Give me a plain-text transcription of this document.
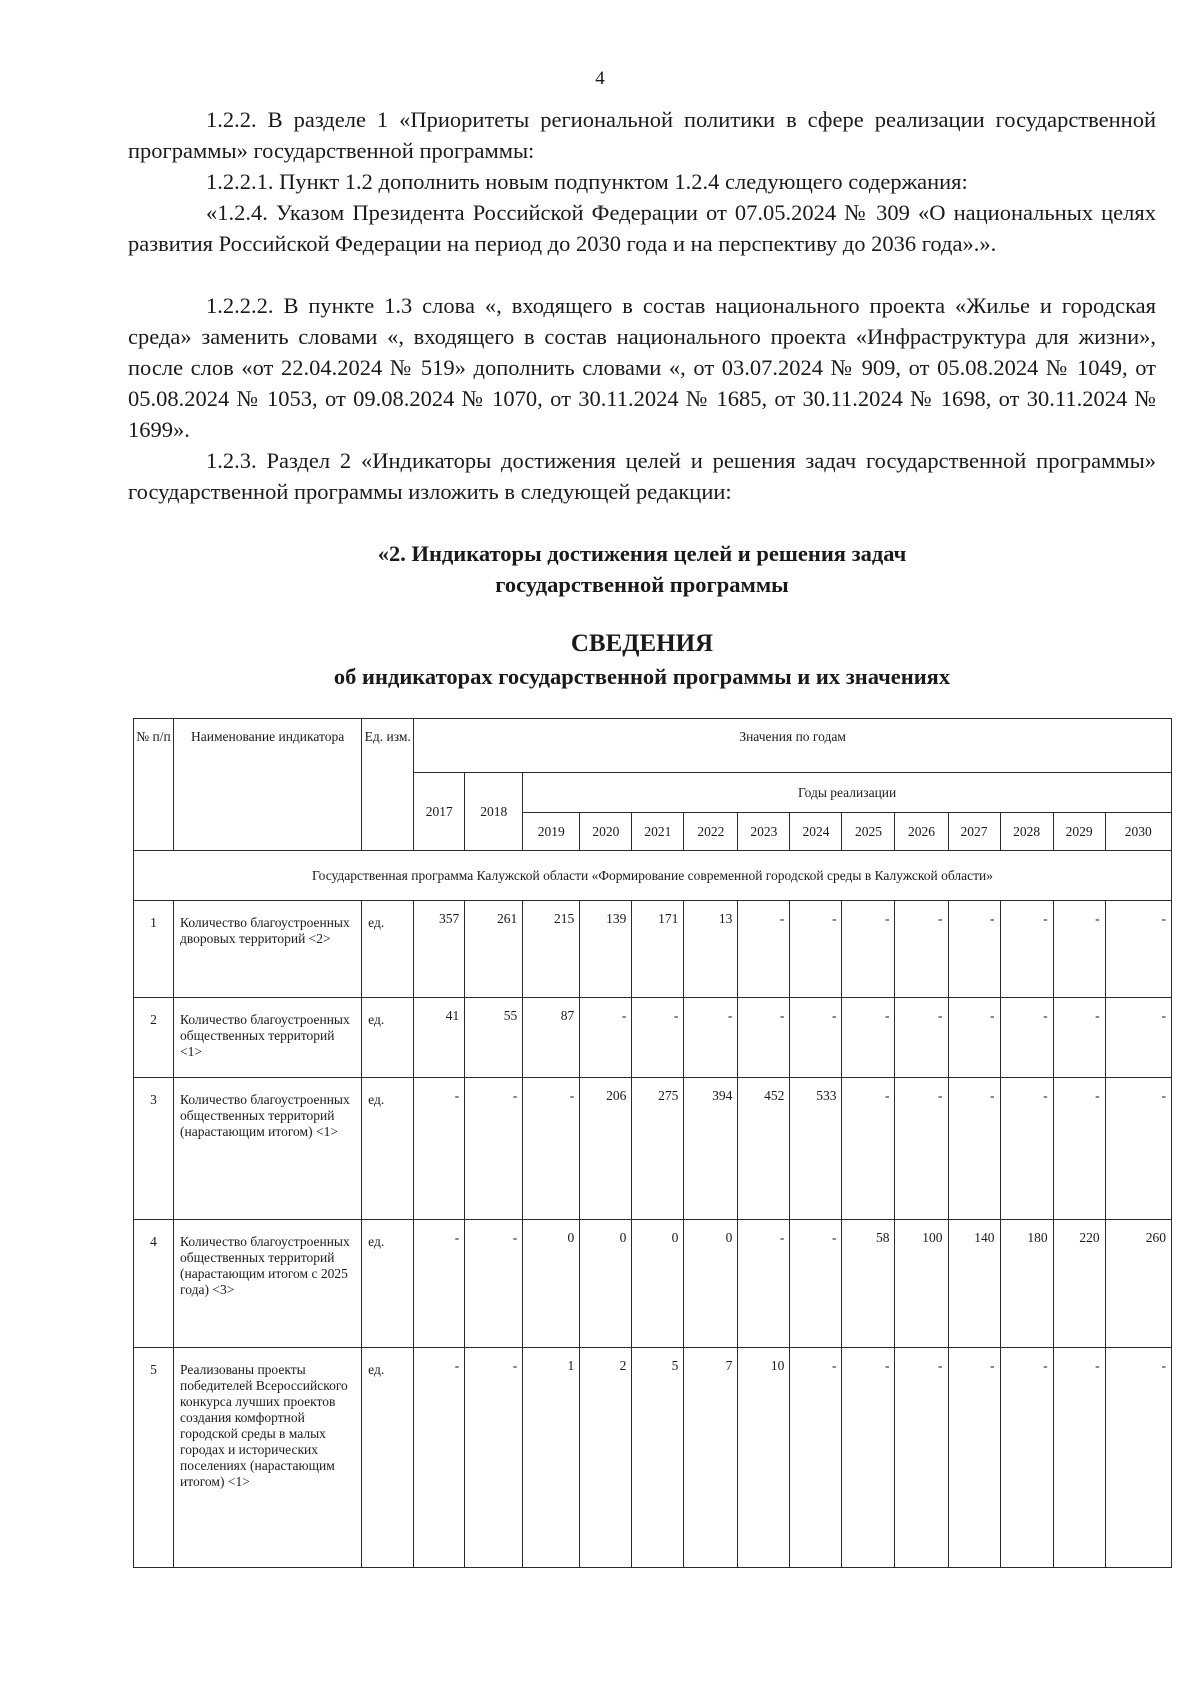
4

1.2.2. В разделе 1 «Приоритеты региональной политики в сфере реализации государственной программы» государственной программы:

1.2.2.1. Пункт 1.2 дополнить новым подпунктом 1.2.4 следующего содержания:

«1.2.4. Указом Президента Российской Федерации от 07.05.2024 № 309 «О национальных целях развития Российской Федерации на период до 2030 года и на перспективу до 2036 года».».

1.2.2.2. В пункте 1.3 слова «, входящего в состав национального проекта «Жилье и городская среда» заменить словами «, входящего в состав национального проекта «Инфраструктура для жизни», после слов «от 22.04.2024 № 519» дополнить словами «, от 03.07.2024 № 909, от 05.08.2024 № 1049, от 05.08.2024 № 1053, от 09.08.2024 № 1070, от 30.11.2024 № 1685, от 30.11.2024 № 1698, от 30.11.2024 № 1699».

1.2.3. Раздел 2 «Индикаторы достижения целей и решения задач государственной программы» государственной программы изложить в следующей редакции:

«2. Индикаторы достижения целей и решения задач

государственной программы

СВЕДЕНИЯ

об индикаторах государственной программы и их значениях

№ п/п	Наименование индикатора	Ед. изм.	Значения по годам													
			2017	2018	Годы реализации											
					2019	2020	2021	2022	2023	2024	2025	2026	2027	2028	2029	2030
Государственная программа Калужской области «Формирование современной городской среды в Калужской области»																
1	Количество благоустроенных дворовых территорий <2>	ед.	357	261	215	139	171	13	-	-	-	-	-	-	-	-
2	Количество благоустроенных общественных территорий <1>	ед.	41	55	87	-	-	-	-	-	-	-	-	-	-	-
3	Количество благоустроенных общественных территорий (нарастающим итогом) <1>	ед.	-	-	-	206	275	394	452	533	-	-	-	-	-	-
4	Количество благоустроенных общественных территорий (нарастающим итогом с 2025 года) <3>	ед.	-	-	0	0	0	0	-	-	58	100	140	180	220	260
5	Реализованы проекты победителей Всероссийского конкурса лучших проектов создания комфортной городской среды в малых городах и исторических поселениях (нарастающим итогом) <1>	ед.	-	-	1	2	5	7	10	-	-	-	-	-	-	-
